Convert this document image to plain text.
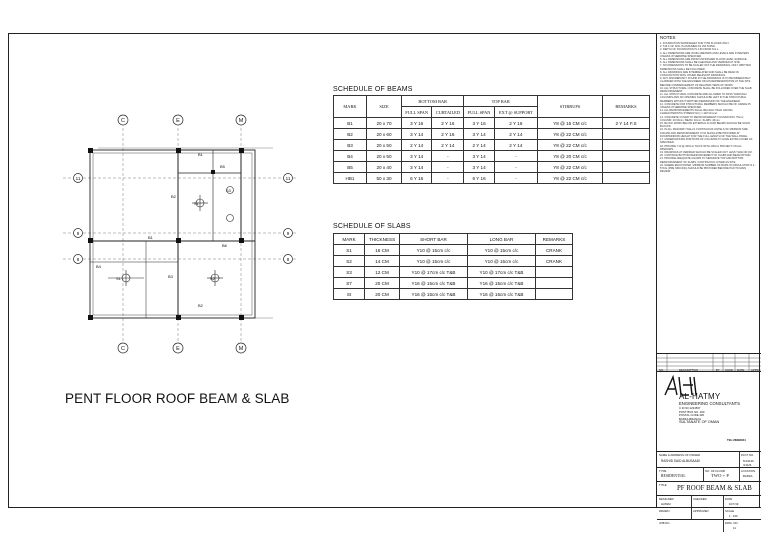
C	E	M
C	E	M
11
9
8
11
9
8
B1
B1
B2
B2
B3
B4
B5
B6
S1
S1	S2
S3
SCHEDULE OF BEAMS
MARK	SIZE	BOTTOM BAR		TOP BAR		STIRRUPS	REMARKS
		FULL SPAN	CURTAILED	FULL SPAN	EXT @ SUPPORT		
B1	20 x 70	3 Y 16	2 Y 16	3 Y 16	2 Y 16	Y8 @ 15 CM c/c	2 Y 14 F.S
B2	20 x 60	3 Y 14	2 Y 16	3 Y 14	2 Y 14	Y8 @ 22 CM c/c	
B3	20 x 50	2 Y 14	2 Y 14	2 Y 14	2 Y 14	Y8 @ 22 CM c/c	
B4	20 x 50	3 Y 14	-	3 Y 14	-	Y8 @ 20 CM c/c	
B5	20 x 40	3 Y 14	-	3 Y 14	-	Y8 @ 22 CM c/c	
HB1	50 x 30	6 Y 16	-	6 Y 16	-	Y8 @ 22 CM c/c	
SCHEDULE OF SLABS
MARK	THICKNESS	SHORT BAR	LONG BAR	REMARKS
S1	16 CM	Y10 @ 15cm c/c	Y10 @ 15cm c/c	CRANK
S2	14 CM	Y10 @ 15cm c/c	Y10 @ 15cm c/c	CRANK
S3	12 CM	Y10 @ 17cm c/c T&B	Y10 @ 17cm c/c T&B	
S7	20 CM	Y16 @ 15cm c/c T&B	Y16 @ 15cm c/c T&B	
St	20 CM	Y16 @ 15cm c/c T&B	Y16 @ 15cm c/c T&B	
PENT FLOOR ROOF BEAM & SLAB
NOTES
1. FOUNDATION WORKSHEET FOR TOW FLOORS ONLY.
2. S.B.C OF SOIL IS ASSUMED AS 150 KN/M2.
3. DEPTH OF FOUNDATION IS 1.50 FROM N.G.L.
4. ALL DIMENSIONS ARE IN MILLIMETERS AND LEVELS ARE IN METERS UNLESS OTHERWISE SPECIFIED.
5. ALL DIMENSIONS ARE FROM UNFINISHED FLOOR LEVEL SURFACE.
6. ALL DIMENSIONS SHALL BE CHECKED AND VERIFIED AT SITE.
7. NO DIMENSIONS TO BE SCALED OFF THE DRAWINGS, ONLY WRITTEN DIMENSIONS SHALL BE FOLLOWED.
8. ALL DRAWINGS ARE INTERRELATED AND SHALL BE READ IN CONJUNCTION WITH OTHER RELEVANT DRAWINGS.
9. ANY DISCREPANCY FOUND IN THE DRAWINGS IS TO BE IMMEDIATELY CLARIFIED WITH THE ENGINEER OR HIS REPRESENTATIVE AT THE SITE BEFORE COMMENCEMENT OF RELATED ITEMS OF WORK.
10. ALL STRUCTURAL CONCRETE SHALL BE FOLLOWED OVER THE SLAB REINFORCEMENT.
11. ALL STRUCTURAL CONCRETE ARE ALLOWED TO PASS THROUGH COLUMNS AND NO OPENING SHOULD BE LEFT IN THE STRUCTURAL MEMBERS WITHOUT WRITTEN PERMISSION OF THE ENGINEER.
12. CONCRETE FOR STRUCTURAL MEMBERS SHOULD BE OF GRADE 25 UNLESS OTHERWISE SPECIFIED.
13. ALL REINFORCEMENTS SHALL BE HIGH YIELD HAVING CHARACTERISTIC STRENGTH fy = 420 N/mm2.
14. CONCRETE COVER TO REINFORCEMENT: FOUNDATION: 75mm; COLUMN: 40-50mm; BEAM: 40mm; SLABS: 20mm.
15. BLOCK WORK BELOW EXTERNAL FLOOR BEAMS SHOULD BE SOLID BLOCKS.
16. IN ALL MASONRY WALLS CONTINUOUS LINTELS OF MINIMUM SIZE 100x150 AND REINFORCEMENT 4Y10 SHOULD BE PROVIDED AT DOOR/WINDOW HEIGHT FOR THE FULL LENGTH OF THE WALL PANEL.
17. UNDERGROUND PORTIONS OF COLUMNS TO HAVE EXTRA COVER AS SPECIFIED.
18. PROVIDE Y12 @ 200mm THICK WITH 100mm PROJECT ON ALL WINDOWS.
19. DRAWINGS AT VERIFIED SHOULD BE SCALED OUT. LESS THAN 30 CM.
20. CONTINUE BOTTOM REINFORCEMENT OF SLABS AND BEAM WITHIN.
21. PROVIDE ADEQUATE CHAIRS TO SEPARATE TOP AND BOTTOM REINFORCEMENT OF SLABS, CONTINUOUS COVER AS SITE.
22. WHERE ENCOUNTER, MINIMUM NUMBER OF BARS IN CIRCULATOR IS 4 - 5Y10s (PRE SPACING) SHOULD BE PROVIDED BEFORE PAN TO MAIN REVIEW.
NO.	DESCRIPTION	BY CHKD DATE APPD
AL-HATMY
ENGINEERING CONSULTANTS
C.R.NO.1234567
POST BOX NO. 260
POSTAL CODE 320
BARKA-BRANCH
SULTANATE OF OMAN
TEL:26893024
NAME & ADDRESS OF OWNER
RASHID SAID ALBUSAADI
PLOT NO.
6/4/1126 4/1126
TYPE
RESIDENTIAL
NO. OF FLOOR
TWO + P
LOCATION
BARKA
TITLE PF ROOF BEAM & SLAB
DESIGNED
HATEM
CHECKED	DATE
10/7/19
DRAWN	APPROVED	SCALE
1 : 100
JOB NO.	DWG. NO.
11
